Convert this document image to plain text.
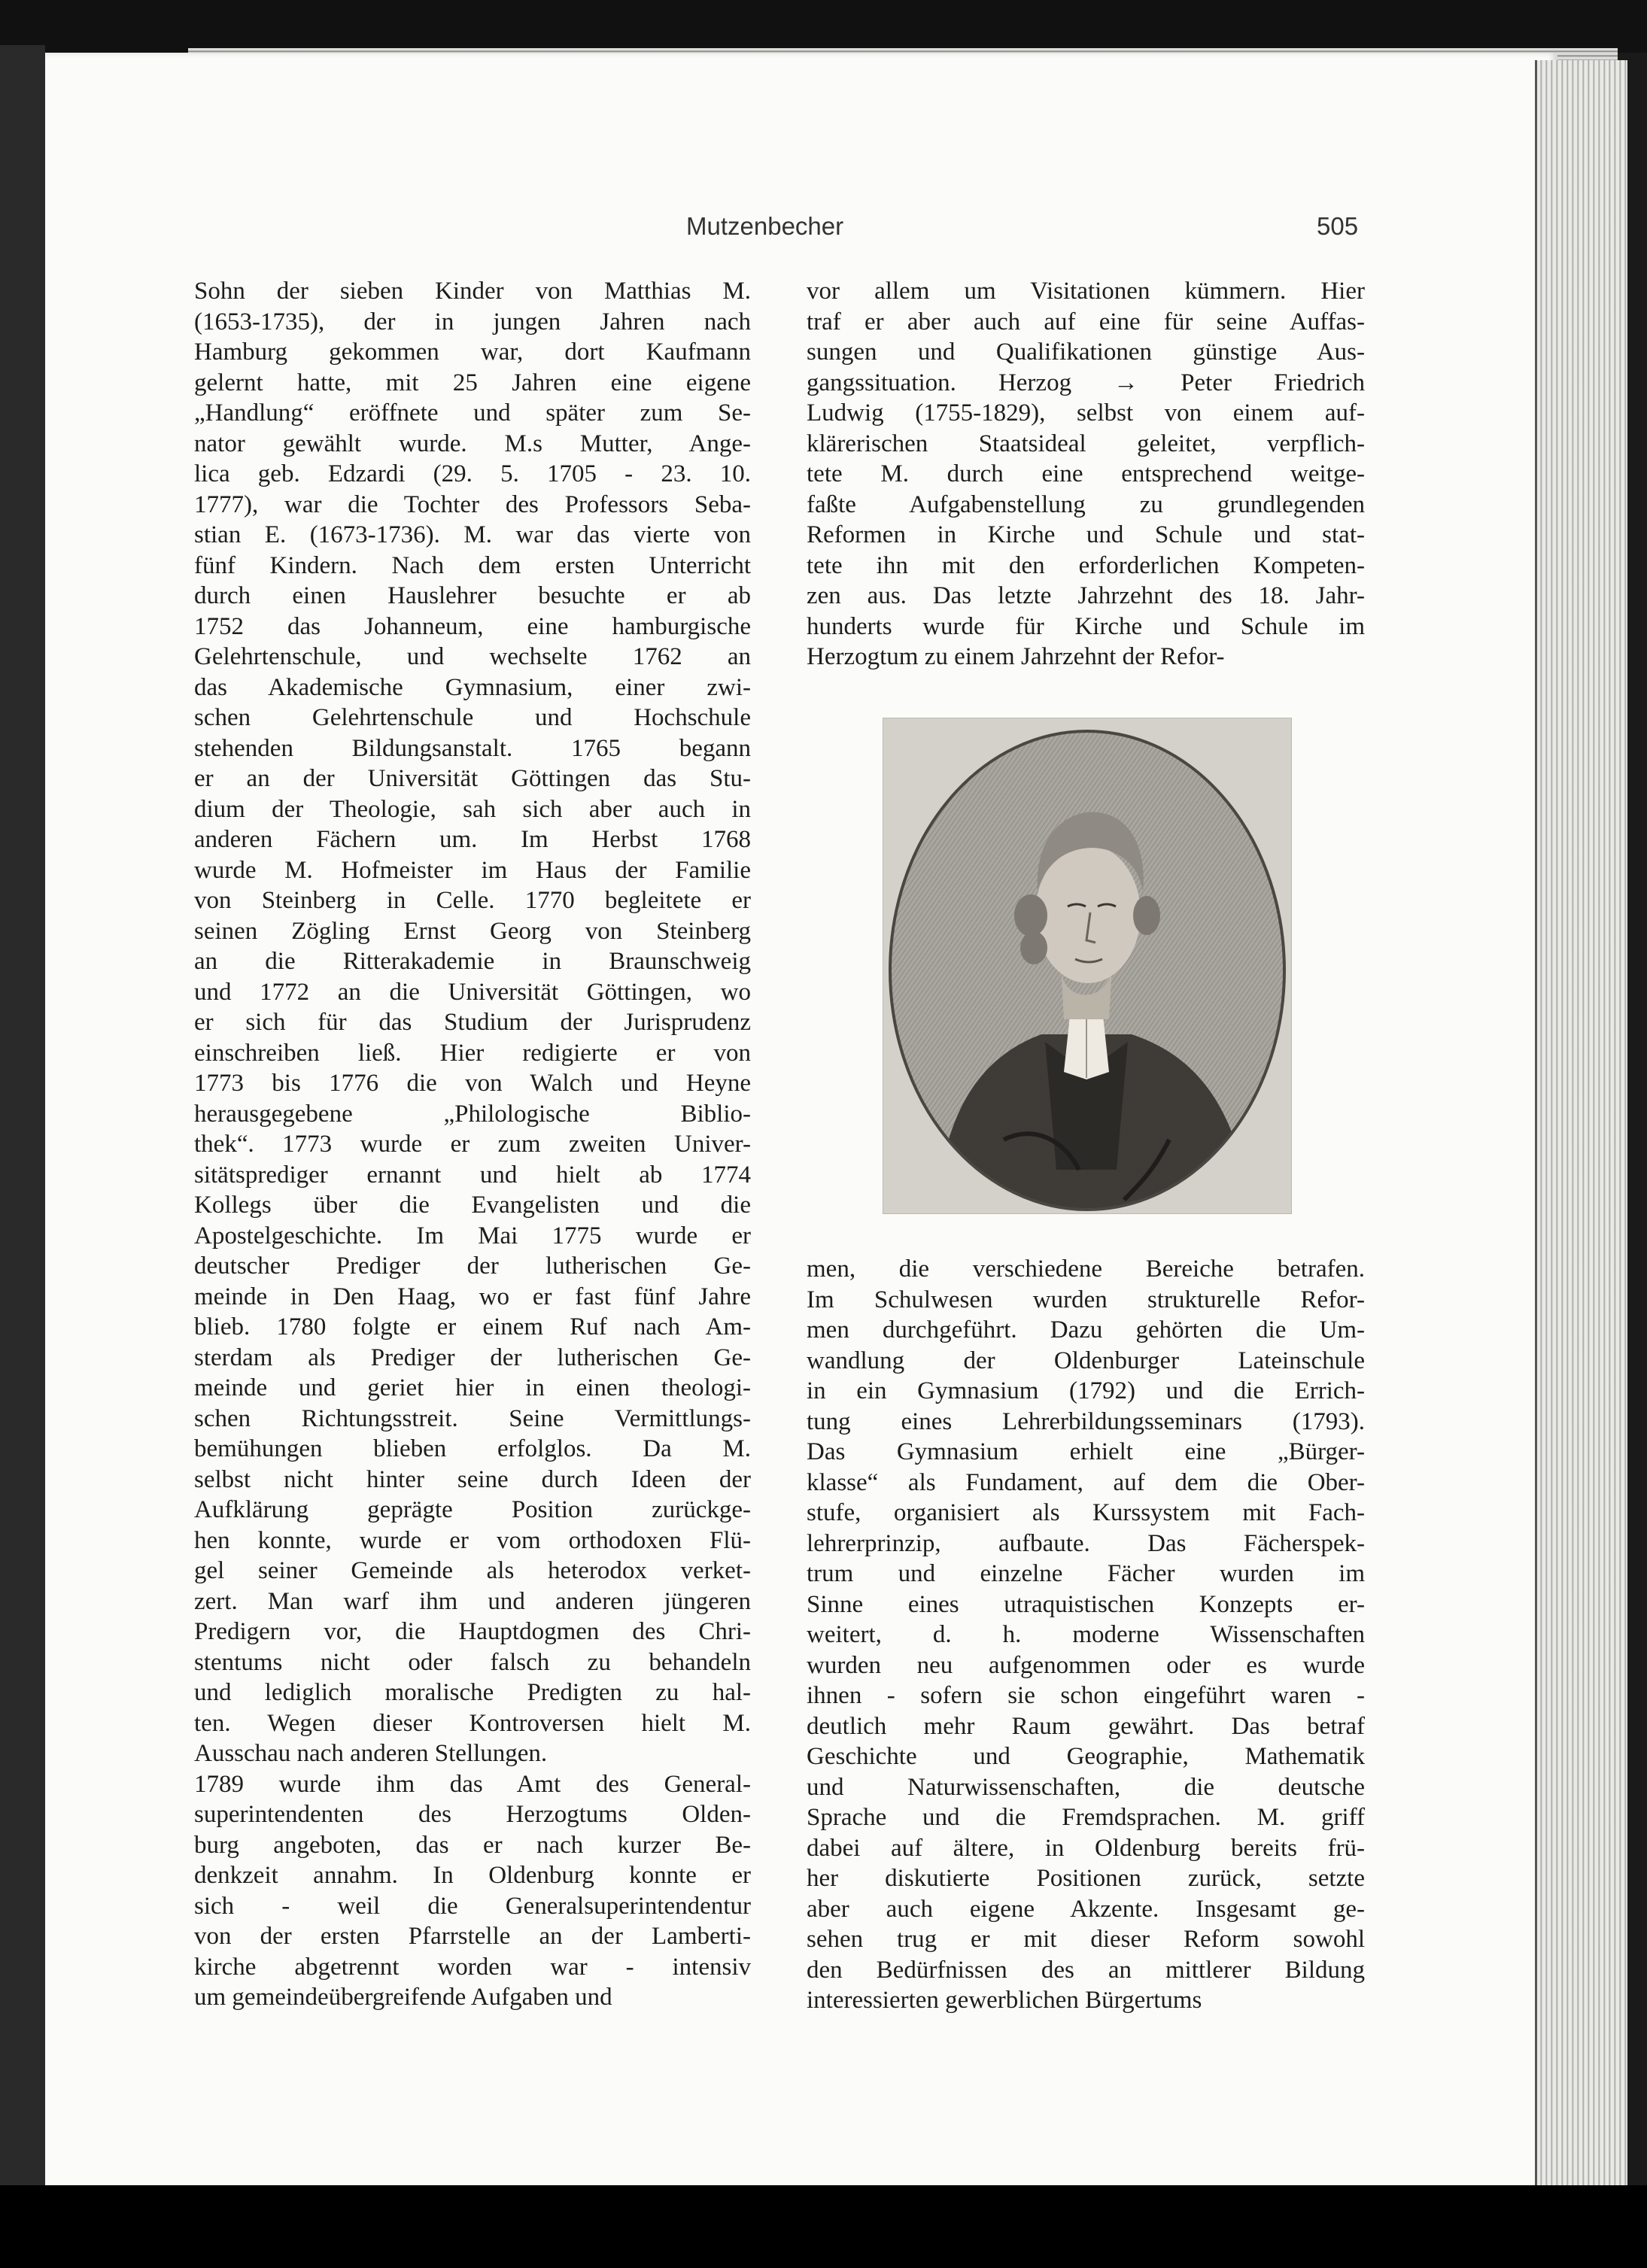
Mutzenbecher	505
Sohn der sieben Kinder von Matthias M.
(1653-1735), der in jungen Jahren nach
Hamburg gekommen war, dort Kaufmann
gelernt hatte, mit 25 Jahren eine eigene
„Handlung“ eröffnete und später zum Se-
nator gewählt wurde. M.s Mutter, Ange-
lica geb. Edzardi (29. 5. 1705 - 23. 10.
1777), war die Tochter des Professors Seba-
stian E. (1673-1736). M. war das vierte von
fünf Kindern. Nach dem ersten Unterricht
durch einen Hauslehrer besuchte er ab
1752 das Johanneum, eine hamburgische
Gelehrtenschule, und wechselte 1762 an
das Akademische Gymnasium, einer zwi-
schen Gelehrtenschule und Hochschule
stehenden Bildungsanstalt. 1765 begann
er an der Universität Göttingen das Stu-
dium der Theologie, sah sich aber auch in
anderen Fächern um. Im Herbst 1768
wurde M. Hofmeister im Haus der Familie
von Steinberg in Celle. 1770 begleitete er
seinen Zögling Ernst Georg von Steinberg
an die Ritterakademie in Braunschweig
und 1772 an die Universität Göttingen, wo
er sich für das Studium der Jurisprudenz
einschreiben ließ. Hier redigierte er von
1773 bis 1776 die von Walch und Heyne
herausgegebene „Philologische Biblio-
thek“. 1773 wurde er zum zweiten Univer-
sitätsprediger ernannt und hielt ab 1774
Kollegs über die Evangelisten und die
Apostelgeschichte. Im Mai 1775 wurde er
deutscher Prediger der lutherischen Ge-
meinde in Den Haag, wo er fast fünf Jahre
blieb. 1780 folgte er einem Ruf nach Am-
sterdam als Prediger der lutherischen Ge-
meinde und geriet hier in einen theologi-
schen Richtungsstreit. Seine Vermittlungs-
bemühungen blieben erfolglos. Da M.
selbst nicht hinter seine durch Ideen der
Aufklärung geprägte Position zurückge-
hen konnte, wurde er vom orthodoxen Flü-
gel seiner Gemeinde als heterodox verket-
zert. Man warf ihm und anderen jüngeren
Predigern vor, die Hauptdogmen des Chri-
stentums nicht oder falsch zu behandeln
und lediglich moralische Predigten zu hal-
ten. Wegen dieser Kontroversen hielt M.
Ausschau nach anderen Stellungen.
1789 wurde ihm das Amt des General-
superintendenten des Herzogtums Olden-
burg angeboten, das er nach kurzer Be-
denkzeit annahm. In Oldenburg konnte er
sich - weil die Generalsuperintendentur
von der ersten Pfarrstelle an der Lamberti-
kirche abgetrennt worden war - intensiv
um gemeindeübergreifende Aufgaben und
vor allem um Visitationen kümmern. Hier
traf er aber auch auf eine für seine Auffas-
sungen und Qualifikationen günstige Aus-
gangssituation. Herzog → Peter Friedrich
Ludwig (1755-1829), selbst von einem auf-
klärerischen Staatsideal geleitet, verpflich-
tete M. durch eine entsprechend weitge-
faßte Aufgabenstellung zu grundlegenden
Reformen in Kirche und Schule und stat-
tete ihn mit den erforderlichen Kompeten-
zen aus. Das letzte Jahrzehnt des 18. Jahr-
hunderts wurde für Kirche und Schule im
Herzogtum zu einem Jahrzehnt der Refor-
men, die verschiedene Bereiche betrafen.
Im Schulwesen wurden strukturelle Refor-
men durchgeführt. Dazu gehörten die Um-
wandlung der Oldenburger Lateinschule
in ein Gymnasium (1792) und die Errich-
tung eines Lehrerbildungsseminars (1793).
Das Gymnasium erhielt eine „Bürger-
klasse“ als Fundament, auf dem die Ober-
stufe, organisiert als Kurssystem mit Fach-
lehrerprinzip, aufbaute. Das Fächerspek-
trum und einzelne Fächer wurden im
Sinne eines utraquistischen Konzepts er-
weitert, d. h. moderne Wissenschaften
wurden neu aufgenommen oder es wurde
ihnen - sofern sie schon eingeführt waren -
deutlich mehr Raum gewährt. Das betraf
Geschichte und Geographie, Mathematik
und Naturwissenschaften, die deutsche
Sprache und die Fremdsprachen. M. griff
dabei auf ältere, in Oldenburg bereits frü-
her diskutierte Positionen zurück, setzte
aber auch eigene Akzente. Insgesamt ge-
sehen trug er mit dieser Reform sowohl
den Bedürfnissen des an mittlerer Bildung
interessierten gewerblichen Bürgertums
